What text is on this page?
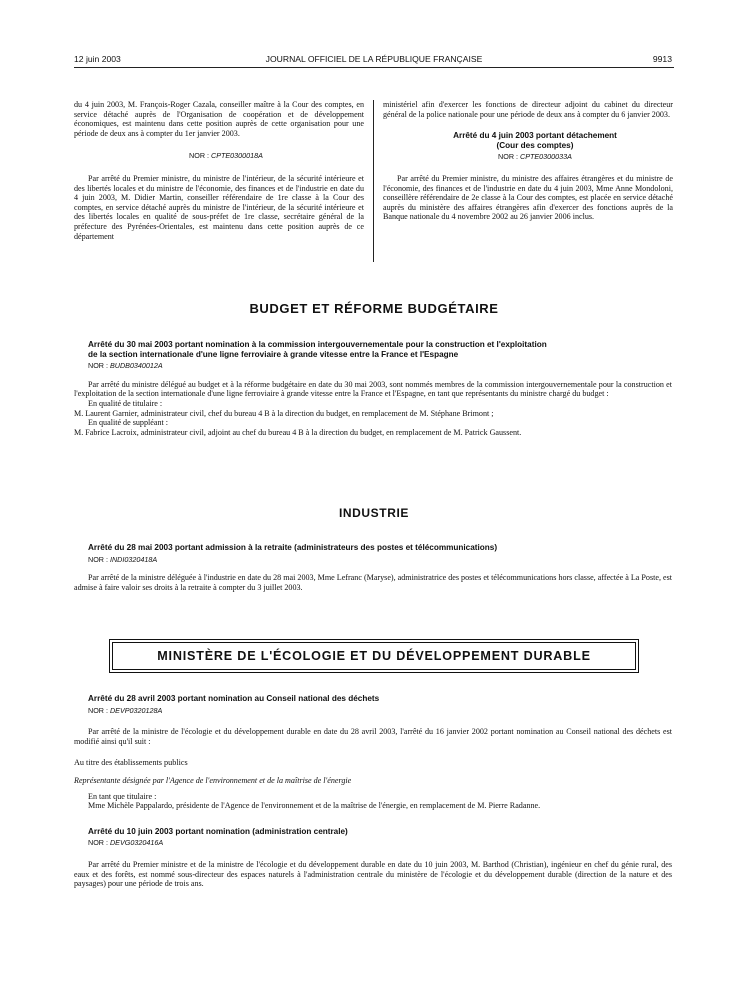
12 juin 2003	JOURNAL OFFICIEL DE LA RÉPUBLIQUE FRANÇAISE	9913

du 4 juin 2003, M. François-Roger Cazala, conseiller maître à la Cour des comptes, en service détaché auprès de l'Organisation de coopération et de développement économiques, est maintenu dans cette position auprès de cette organisation pour une période de deux ans à compter du 1er janvier 2003.

NOR : CPTE0300018A

Par arrêté du Premier ministre, du ministre de l'intérieur, de la sécurité intérieure et des libertés locales et du ministre de l'économie, des finances et de l'industrie en date du 4 juin 2003, M. Didier Martin, conseiller référendaire de 1re classe à la Cour des comptes, en service détaché auprès du ministre de l'intérieur, de la sécurité intérieure et des libertés locales en qualité de sous-préfet de 1re classe, secrétaire général de la préfecture des Pyrénées-Orientales, est maintenu dans cette position auprès de ce département

ministériel afin d'exercer les fonctions de directeur adjoint du cabinet du directeur général de la police nationale pour une période de deux ans à compter du 6 janvier 2003.

Arrêté du 4 juin 2003 portant détachement

(Cour des comptes)

NOR : CPTE0300033A

Par arrêté du Premier ministre, du ministre des affaires étrangères et du ministre de l'économie, des finances et de l'industrie en date du 4 juin 2003, Mme Anne Mondoloni, conseillère référendaire de 2e classe à la Cour des comptes, est placée en service détaché auprès du ministère des affaires étrangères afin d'exercer des fonctions auprès de la Banque nationale du 4 novembre 2002 au 26 janvier 2006 inclus.

BUDGET ET RÉFORME BUDGÉTAIRE

Arrêté du 30 mai 2003 portant nomination à la commission intergouvernementale pour la construction et l'exploitation

de la section internationale d'une ligne ferroviaire à grande vitesse entre la France et l'Espagne

NOR : BUDB0340012A

Par arrêté du ministre délégué au budget et à la réforme budgétaire en date du 30 mai 2003, sont nommés membres de la commission intergouvernementale pour la construction et l'exploitation de la section internationale d'une ligne ferroviaire à grande vitesse entre la France et l'Espagne, en tant que représentants du ministre chargé du budget :

En qualité de titulaire :

M. Laurent Garnier, administrateur civil, chef du bureau 4 B à la direction du budget, en remplacement de M. Stéphane Brimont ;

En qualité de suppléant :

M. Fabrice Lacroix, administrateur civil, adjoint au chef du bureau 4 B à la direction du budget, en remplacement de M. Patrick Gaussent.

INDUSTRIE

Arrêté du 28 mai 2003 portant admission à la retraite (administrateurs des postes et télécommunications)

NOR : INDI0320418A

Par arrêté de la ministre déléguée à l'industrie en date du 28 mai 2003, Mme Lefranc (Maryse), administratrice des postes et télécommunications hors classe, affectée à La Poste, est admise à faire valoir ses droits à la retraite à compter du 3 juillet 2003.

MINISTÈRE DE L'ÉCOLOGIE ET DU DÉVELOPPEMENT DURABLE

Arrêté du 28 avril 2003 portant nomination au Conseil national des déchets

NOR : DEVP0320128A

Par arrêté de la ministre de l'écologie et du développement durable en date du 28 avril 2003, l'arrêté du 16 janvier 2002 portant nomination au Conseil national des déchets est modifié ainsi qu'il suit :

Au titre des établissements publics

Représentante désignée par l'Agence de l'environnement et de la maîtrise de l'énergie

En tant que titulaire :

Mme Michèle Pappalardo, présidente de l'Agence de l'environnement et de la maîtrise de l'énergie, en remplacement de M. Pierre Radanne.

Arrêté du 10 juin 2003 portant nomination (administration centrale)

NOR : DEVG0320416A

Par arrêté du Premier ministre et de la ministre de l'écologie et du développement durable en date du 10 juin 2003, M. Barthod (Christian), ingénieur en chef du génie rural, des eaux et des forêts, est nommé sous-directeur des espaces naturels à l'administration centrale du ministère de l'écologie et du développement durable (direction de la nature et des paysages) pour une période de trois ans.
